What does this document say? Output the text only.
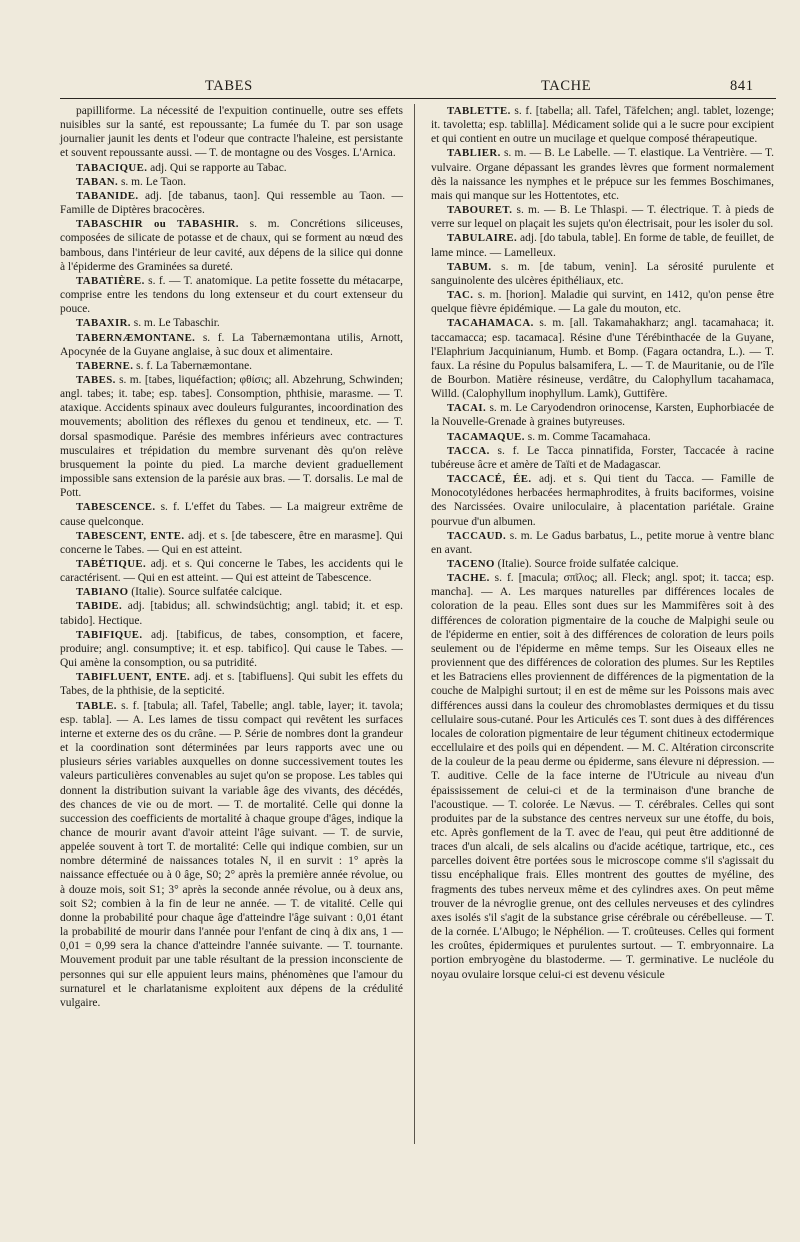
TABES	TACHE	841

papilliforme. La nécessité de l'expuition continuelle, outre ses effets nuisibles sur la santé, est repoussante; La fumée du T. par son usage journalier jaunit les dents et l'odeur que contracte l'haleine, est persistante et souvent repoussante aussi. — T. de montagne ou des Vosges. L'Arnica.

TABACIQUE. adj. Qui se rapporte au Tabac.

TABAN. s. m. Le Taon.

TABANIDE. adj. [de tabanus, taon]. Qui ressemble au Taon. — Famille de Diptères bracocères.

TABASCHIR ou TABASHIR. s. m. Concrétions siliceuses, composées de silicate de potasse et de chaux, qui se forment au nœud des bambous, dans l'intérieur de leur cavité, aux dépens de la silice qui donne à l'épiderme des Graminées sa dureté.

TABATIÈRE. s. f. — T. anatomique. La petite fossette du métacarpe, comprise entre les tendons du long extenseur et du court extenseur du pouce.

TABAXIR. s. m. Le Tabaschir.

TABERNÆMONTANE. s. f. La Tabernæmontana utilis, Arnott, Apocynée de la Guyane anglaise, à suc doux et alimentaire.

TABERNE. s. f. La Tabernæmontane.

TABES. s. m. [tabes, liquéfaction; φθίσις; all. Abzehrung, Schwinden; angl. tabes; it. tabe; esp. tabes]. Consomption, phthisie, marasme. — T. ataxique. Accidents spinaux avec douleurs fulgurantes, incoordination des mouvements; abolition des réflexes du genou et tendineux, etc. — T. dorsal spasmodique. Parésie des membres inférieurs avec contractures musculaires et trépidation du membre survenant dès qu'on relève brusquement la pointe du pied. La marche devient graduellement impossible sans extension de la parésie aux bras. — T. dorsalis. Le mal de Pott.

TABESCENCE. s. f. L'effet du Tabes. — La maigreur extrême de cause quelconque.

TABESCENT, ENTE. adj. et s. [de tabescere, être en marasme]. Qui concerne le Tabes. — Qui en est atteint.

TABÉTIQUE. adj. et s. Qui concerne le Tabes, les accidents qui le caractérisent. — Qui en est atteint. — Qui est atteint de Tabescence.

TABIANO (Italie). Source sulfatée calcique.

TABIDE. adj. [tabidus; all. schwindsüchtig; angl. tabid; it. et esp. tabido]. Hectique.

TABIFIQUE. adj. [tabificus, de tabes, consomption, et facere, produire; angl. consumptive; it. et esp. tabifico]. Qui cause le Tabes. — Qui amène la consomption, ou sa putridité.

TABIFLUENT, ENTE. adj. et s. [tabifluens]. Qui subit les effets du Tabes, de la phthisie, de la septicité.

TABLE. s. f. [tabula; all. Tafel, Tabelle; angl. table, layer; it. tavola; esp. tabla]. — A. Les lames de tissu compact qui revêtent les surfaces interne et externe des os du crâne. — P. Série de nombres dont la grandeur et la coordination sont déterminées par leurs rapports avec une ou plusieurs séries variables auxquelles on donne successivement toutes les valeurs particulières convenables au sujet qu'on se propose. Les tables qui donnent la distribution suivant la variable âge des vivants, des décédés, des chances de vie ou de mort. — T. de mortalité. Celle qui donne la succession des coefficients de mortalité à chaque groupe d'âges, indique la chance de mourir avant d'avoir atteint l'âge suivant. — T. de survie, appelée souvent à tort T. de mortalité: Celle qui indique combien, sur un nombre déterminé de naissances totales N, il en survit : 1° après la naissance effectuée ou à 0 âge, S0; 2° après la première année révolue, ou à douze mois, soit S1; 3° après la seconde année révolue, ou à deux ans, soit S2; combien à la fin de leur ne année. — T. de vitalité. Celle qui donne la probabilité pour chaque âge d'atteindre l'âge suivant : 0,01 étant la probabilité de mourir dans l'année pour l'enfant de cinq à dix ans, 1 — 0,01 = 0,99 sera la chance d'atteindre l'année suivante. — T. tournante. Mouvement produit par une table résultant de la pression inconsciente de personnes qui sur elle appuient leurs mains, phénomènes que l'amour du surnaturel et le charlatanisme exploitent aux dépens de la crédulité vulgaire.

TABLETTE. s. f. [tabella; all. Tafel, Täfelchen; angl. tablet, lozenge; it. tavoletta; esp. tablilla]. Médicament solide qui a le sucre pour excipient et qui contient en outre un mucilage et quelque composé thérapeutique.

TABLIER. s. m. — B. Le Labelle. — T. elastique. La Ventrière. — T. vulvaire. Organe dépassant les grandes lèvres que forment normalement dès la naissance les nymphes et le prépuce sur les femmes Boschimanes, mais qui manque sur les Hottentotes, etc.

TABOURET. s. m. — B. Le Thlaspi. — T. électrique. T. à pieds de verre sur lequel on plaçait les sujets qu'on électrisait, pour les isoler du sol.

TABULAIRE. adj. [do tabula, table]. En forme de table, de feuillet, de lame mince. — Lamelleux.

TABUM. s. m. [de tabum, venin]. La sérosité purulente et sanguinolente des ulcères épithéliaux, etc.

TAC. s. m. [horion]. Maladie qui survint, en 1412, qu'on pense être quelque fièvre épidémique. — La gale du mouton, etc.

TACAHAMACA. s. m. [all. Takamahakharz; angl. tacamahaca; it. taccamacca; esp. tacamaca]. Résine d'une Térébinthacée de la Guyane, l'Elaphrium Jacquinianum, Humb. et Bomp. (Fagara octandra, L.). — T. faux. La résine du Populus balsamifera, L. — T. de Mauritanie, ou de l'île de Bourbon. Matière résineuse, verdâtre, du Calophyllum tacahamaca, Willd. (Calophyllum inophyllum. Lamk), Guttifère.

TACAI. s. m. Le Caryodendron orinocense, Karsten, Euphorbiacée de la Nouvelle-Grenade à graines butyreuses.

TACAMAQUE. s. m. Comme Tacamahaca.

TACCA. s. f. Le Tacca pinnatifida, Forster, Taccacée à racine tubéreuse âcre et amère de Taïti et de Madagascar.

TACCACÉ, ÉE. adj. et s. Qui tient du Tacca. — Famille de Monocotylédones herbacées hermaphrodites, à fruits baciformes, voisine des Narcissées. Ovaire uniloculaire, à placentation pariétale. Graine pourvue d'un albumen.

TACCAUD. s. m. Le Gadus barbatus, L., petite morue à ventre blanc en avant.

TACENO (Italie). Source froide sulfatée calcique.

TACHE. s. f. [macula; σπῖλος; all. Fleck; angl. spot; it. tacca; esp. mancha]. — A. Les marques naturelles par différences locales de coloration de la peau. Elles sont dues sur les Mammifères soit à des différences de coloration pigmentaire de la couche de Malpighi seule ou de l'épiderme en entier, soit à des différences de coloration de leurs poils seulement ou de l'épiderme en même temps. Sur les Oiseaux elles ne proviennent que des différences de coloration des plumes. Sur les Reptiles et les Batraciens elles proviennent de différences de la pigmentation de la couche de Malpighi surtout; il en est de même sur les Poissons mais avec différences aussi dans la couleur des chromoblastes dermiques et du tissu cellulaire sous-cutané. Pour les Articulés ces T. sont dues à des différences locales de coloration pigmentaire de leur tégument chitineux ectodermique eccellulaire et des poils qui en dépendent. — M. C. Altération circonscrite de la couleur de la peau derme ou épiderme, sans élevure ni dépression. — T. auditive. Celle de la face interne de l'Utricule au niveau d'un épaississement de celui-ci et de la terminaison d'une branche de l'acoustique. — T. colorée. Le Nævus. — T. cérébrales. Celles qui sont produites par de la substance des centres nerveux sur une étoffe, du bois, etc. Après gonflement de la T. avec de l'eau, qui peut être additionné de traces d'un alcali, de sels alcalins ou d'acide acétique, tartrique, etc., ces parcelles doivent être portées sous le microscope comme s'il s'agissait du tissu encéphalique frais. Elles montrent des gouttes de myéline, des fragments des tubes nerveux même et des cylindres axes. On peut même trouver de la névroglie grenue, ont des cellules nerveuses et des cylindres axes isolés s'il s'agit de la substance grise cérébrale ou cérébelleuse. — T. de la cornée. L'Albugo; le Néphélion. — T. croûteuses. Celles qui forment les croûtes, épidermiques et purulentes surtout. — T. embryonnaire. La portion embryogène du blastoderme. — T. germinative. Le nucléole du noyau ovulaire lorsque celui-ci est devenu vésicule
